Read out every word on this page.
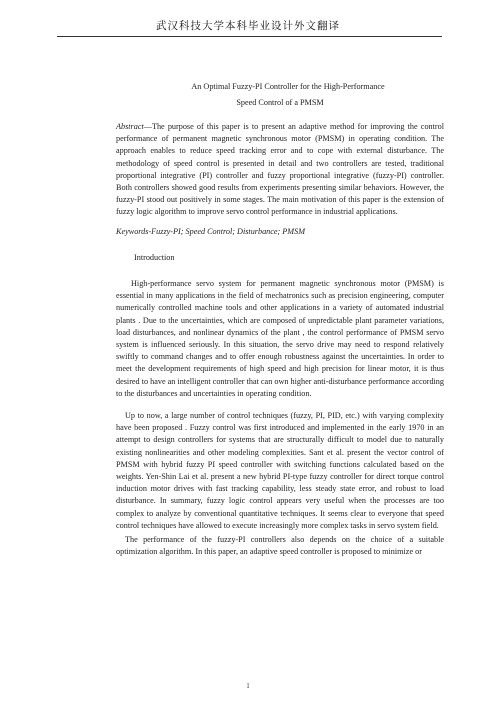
武汉科技大学本科毕业设计外文翻译
An Optimal Fuzzy-PI Controller for the High-Performance
Speed Control of a PMSM

Abstract—The purpose of this paper is to present an adaptive method for improving the control performance of permanent magnetic synchronous motor (PMSM) in operating condition. The approach enables to reduce speed tracking error and to cope with external disturbance. The methodology of speed control is presented in detail and two controllers are tested, traditional proportional integrative (PI) controller and fuzzy proportional integrative (fuzzy-PI) controller. Both controllers showed good results from experiments presenting similar behaviors. However, the fuzzy-PI stood out positively in some stages. The main motivation of this paper is the extension of fuzzy logic algorithm to improve servo control performance in industrial applications.

Keywords-Fuzzy-PI; Speed Control; Disturbance; PMSM
Introduction

High-performance servo system for permanent magnetic synchronous motor (PMSM) is essential in many applications in the field of mechatronics such as precision engineering, computer numerically controlled machine tools and other applications in a variety of automated industrial plants . Due to the uncertainties, which are composed of unpredictable plant parameter variations, load disturbances, and nonlinear dynamics of the plant , the control performance of PMSM servo system is influenced seriously. In this situation, the servo drive may need to respond relatively swiftly to command changes and to offer enough robustness against the uncertainties. In order to meet the development requirements of high speed and high precision for linear motor, it is thus desired to have an intelligent controller that can own higher anti-disturbance performance according to the disturbances and uncertainties in operating condition.

Up to now, a large number of control techniques (fuzzy, PI, PID, etc.) with varying complexity have been proposed . Fuzzy control was first introduced and implemented in the early 1970 in an attempt to design controllers for systems that are structurally difficult to model due to naturally existing nonlinearities and other modeling complexities. Sant et al. present the vector control of PMSM with hybrid fuzzy PI speed controller with switching functions calculated based on the weights. Yen-Shin Lai et al. present a new hybrid PI-type fuzzy controller for direct torque control induction motor drives with fast tracking capability, less steady state error, and robust to load disturbance. In summary, fuzzy logic control appears very useful when the processes are too complex to analyze by conventional quantitative techniques. It seems clear to everyone that speed control techniques have allowed to execute increasingly more complex tasks in servo system field.

The performance of the fuzzy-PI controllers also depends on the choice of a suitable optimization algorithm. In this paper, an adaptive speed controller is proposed to minimize or

1
